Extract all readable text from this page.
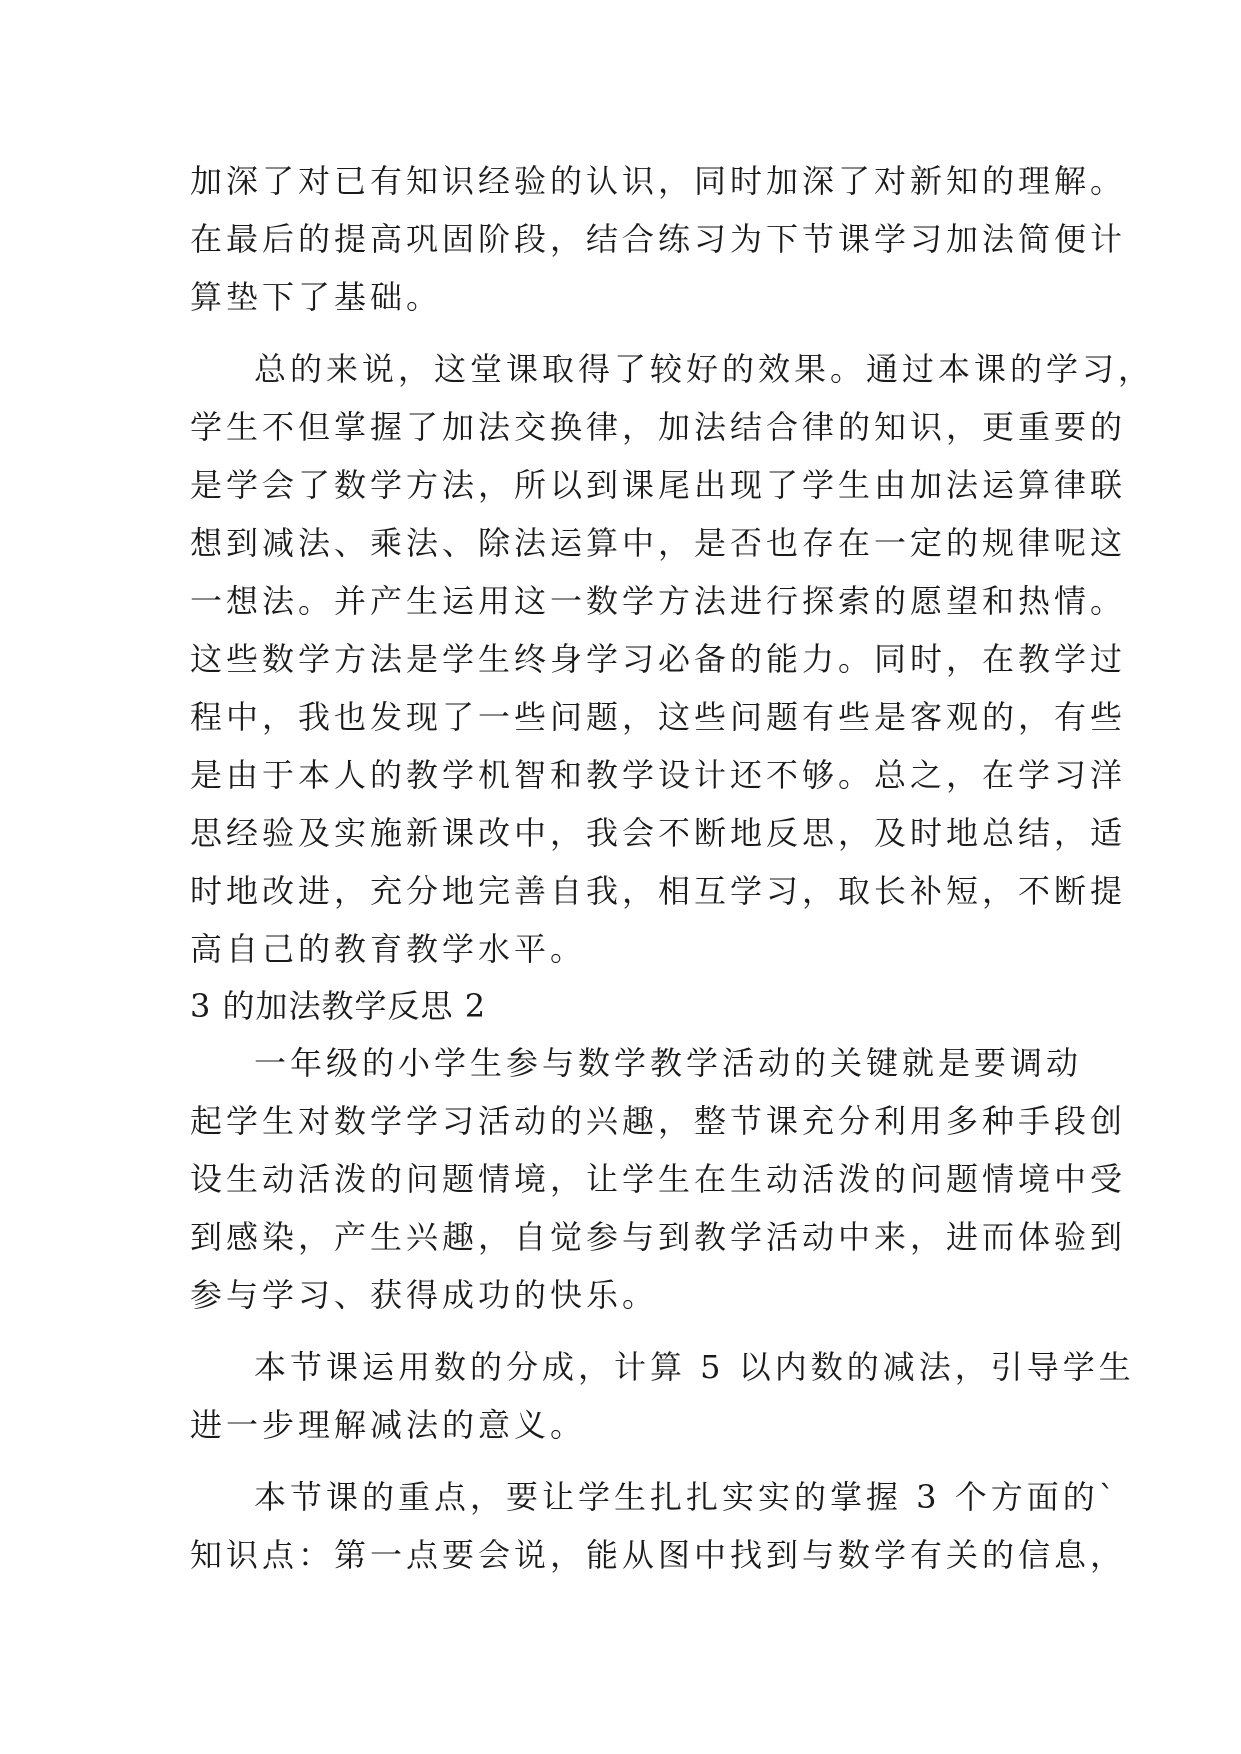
加深了对已有知识经验的认识，同时加深了对新知的理解。
在最后的提高巩固阶段，结合练习为下节课学习加法简便计
算垫下了基础。
总的来说，这堂课取得了较好的效果。通过本课的学习，
学生不但掌握了加法交换律，加法结合律的知识，更重要的
是学会了数学方法，所以到课尾出现了学生由加法运算律联
想到减法、乘法、除法运算中，是否也存在一定的规律呢这
一想法。并产生运用这一数学方法进行探索的愿望和热情。
这些数学方法是学生终身学习必备的能力。同时，在教学过
程中，我也发现了一些问题，这些问题有些是客观的，有些
是由于本人的教学机智和教学设计还不够。总之，在学习洋
思经验及实施新课改中，我会不断地反思，及时地总结，适
时地改进，充分地完善自我，相互学习，取长补短，不断提
高自己的教育教学水平。
3 的加法教学反思 2
一年级的小学生参与数学教学活动的关键就是要调动
起学生对数学学习活动的兴趣，整节课充分利用多种手段创
设生动活泼的问题情境，让学生在生动活泼的问题情境中受
到感染，产生兴趣，自觉参与到教学活动中来，进而体验到
参与学习、获得成功的快乐。
本节课运用数的分成，计算 5 以内数的减法，引导学生
进一步理解减法的意义。
本节课的重点，要让学生扎扎实实的掌握 3 个方面的`
知识点：第一点要会说，能从图中找到与数学有关的信息，
